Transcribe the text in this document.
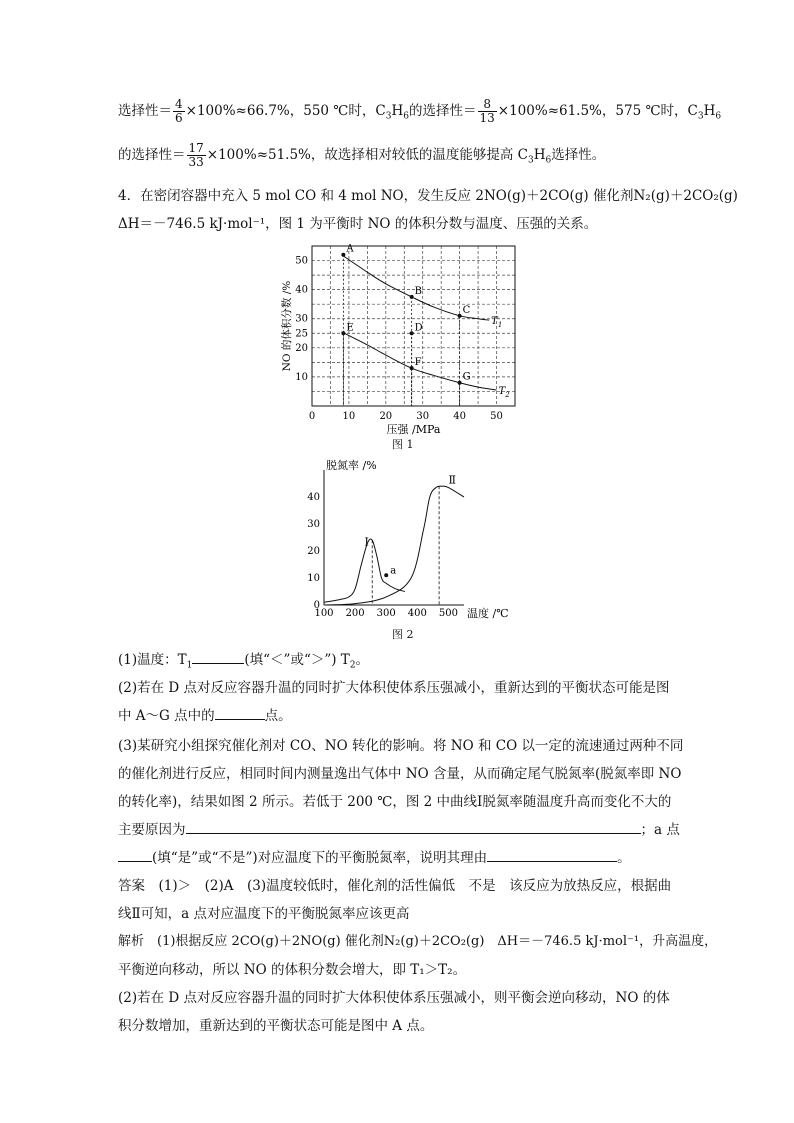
选择性＝ $\frac{4}{6} \times 100\%\approx 66.7\%$，550 ℃时，$C_3H_6$的选择性＝ $\frac{8}{13} \times 100\%\approx 61.5\%$，575 ℃时，$C_3H_6$
的选择性＝ $\frac{17}{33} \times 100\%\approx 51.5\%$，故选择相对较低的温度能够提高 $C_3H_6$选择性。
4．在密闭容器中充入 5 mol CO 和 4 mol NO，发生反应 2NO(g)＋2CO(g) 催化剂N₂(g)＋2CO₂(g)
ΔH＝－746.5 kJ·mol⁻¹，图 1 为平衡时 NO 的体积分数与温度、压强的关系。
0	10 20 30 40 50
10
20
25
30
40
50
压强 /MPa
NO 的体积分数 /%	$T_1$
$T_2$
A
B
C
D
E
F
G
图 1
100 200 300 400 500
0
10
20
30
40
温度 /℃
脱氮率 /%
Ⅰ
Ⅱ
a
图 2
(1)温度：$T_1$	(填“＜”或“＞”) $T_2$。
(2)若在 D 点对反应容器升温的同时扩大体积使体系压强减小，重新达到的平衡状态可能是图
中 A～G 点中的	点。
(3)某研究小组探究催化剂对 CO、NO 转化的影响。将 NO 和 CO 以一定的流速通过两种不同
的催化剂进行反应，相同时间内测量逸出气体中 NO 含量，从而确定尾气脱氮率(脱氮率即 NO
的转化率)，结果如图 2 所示。若低于 200 ℃，图 2 中曲线Ⅰ脱氮率随温度升高而变化不大的
主要原因为	；a 点
(填“是”或“不是”)对应温度下的平衡脱氮率，说明其理由	。
答案　(1)＞　(2)A　(3)温度较低时，催化剂的活性偏低　不是　该反应为放热反应，根据曲
线Ⅱ可知，a 点对应温度下的平衡脱氮率应该更高
解析　(1)根据反应 2CO(g)＋2NO(g) 催化剂N₂(g)＋2CO₂(g)　ΔH＝－746.5 kJ·mol⁻¹，升高温度，
平衡逆向移动，所以 NO 的体积分数会增大，即 T₁＞T₂。
(2)若在 D 点对反应容器升温的同时扩大体积使体系压强减小，则平衡会逆向移动，NO 的体
积分数增加，重新达到的平衡状态可能是图中 A 点。
